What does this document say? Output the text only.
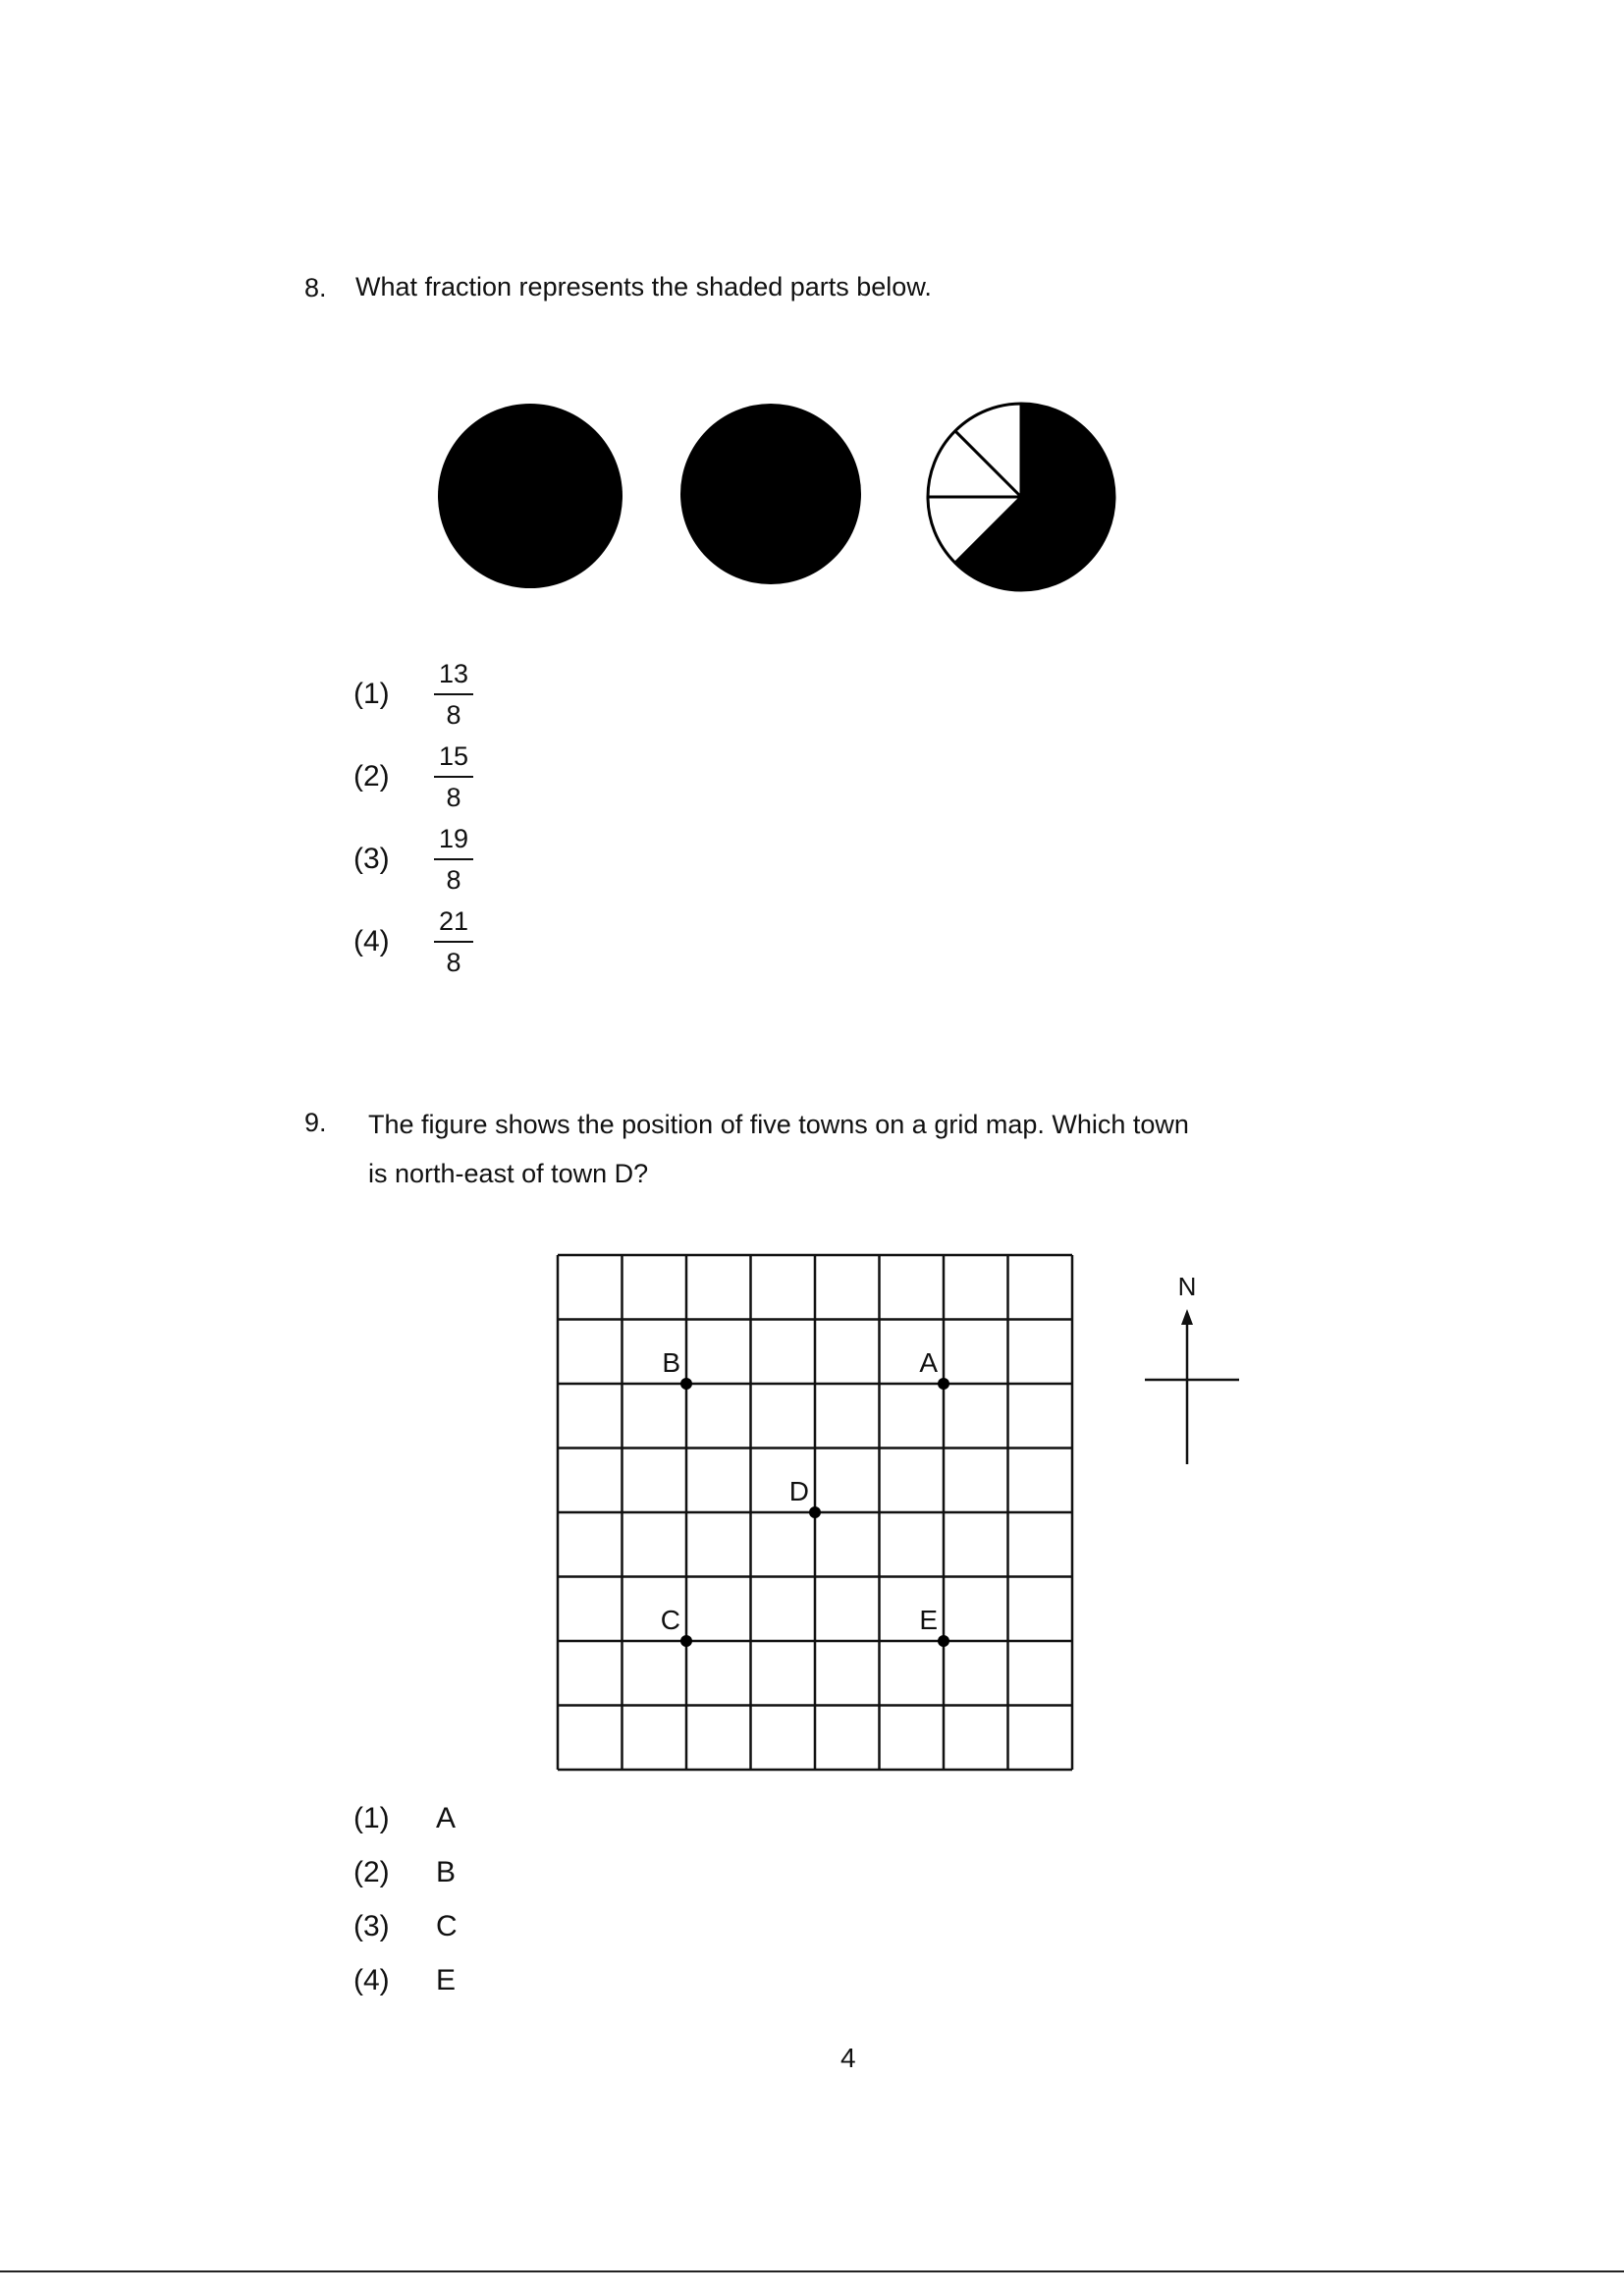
8. What fraction represents the shaded parts below.
(1)
13
8
(2)
15
8
(3)
19
8
(4)
21
8
9. The figure shows the position of five towns on a grid map. Which town
is north-east of town D?
B	A
D
C	E
N
(1) A
(2) B
(3) C
(4) E
4
